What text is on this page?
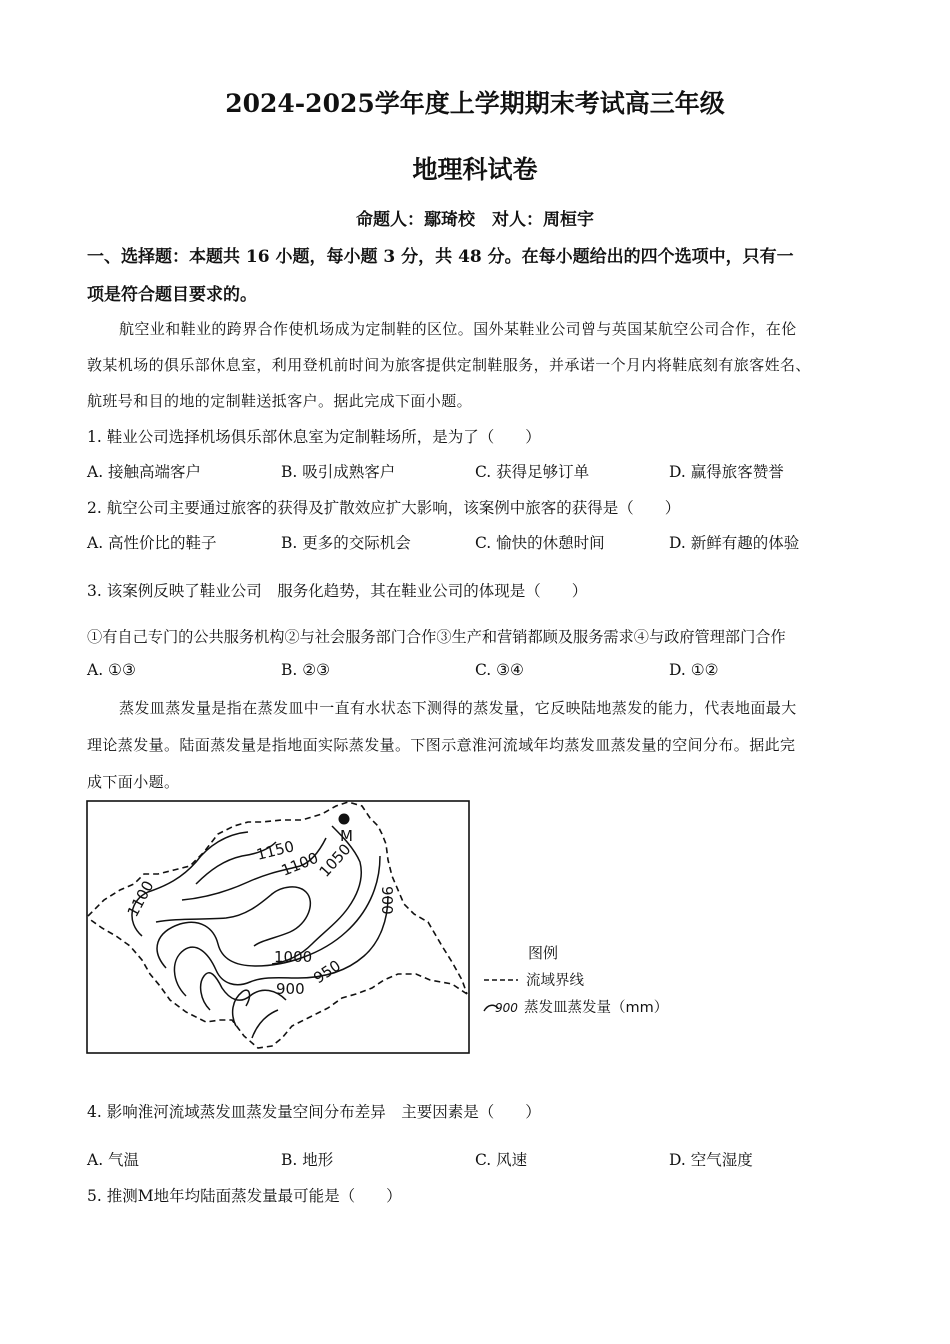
2024-2025学年度上学期期末考试高三年级
地理科试卷
命题人：鄢琦校　对人：周桓宇
一、选择题：本题共 16 小题，每小题 3 分，共 48 分。在每小题给出的四个选项中，只有一
项是符合题目要求的。
航空业和鞋业的跨界合作使机场成为定制鞋的区位。国外某鞋业公司曾与英国某航空公司合作，在伦
敦某机场的俱乐部休息室，利用登机前时间为旅客提供定制鞋服务，并承诺一个月内将鞋底刻有旅客姓名、
航班号和目的地的定制鞋送抵客户。据此完成下面小题。
1. 鞋业公司选择机场俱乐部休息室为定制鞋场所，是为了（　　）
A. 接触高端客户	B. 吸引成熟客户	C. 获得足够订单	D. 赢得旅客赞誉
2. 航空公司主要通过旅客的获得及扩散效应扩大影响，该案例中旅客的获得是（　　）
A. 高性价比的鞋子	B. 更多的交际机会	C. 愉快的休憩时间	D. 新鲜有趣的体验
3. 该案例反映了鞋业公司　服务化趋势，其在鞋业公司的体现是（　　）
①有自己专门的公共服务机构②与社会服务部门合作③生产和营销都顾及服务需求④与政府管理部门合作
A. ①③	B. ②③	C. ③④	D. ①②
蒸发皿蒸发量是指在蒸发皿中一直有水状态下测得的蒸发量，它反映陆地蒸发的能力，代表地面最大
理论蒸发量。陆面蒸发量是指地面实际蒸发量。下图示意淮河流域年均蒸发皿蒸发量的空间分布。据此完
成下面小题。
M
1150
1100
1050
1100	900
1000
950
900
图例
流域界线
900 蒸发皿蒸发量（mm）
4. 影响淮河流域蒸发皿蒸发量空间分布差异　主要因素是（　　）
A. 气温	B. 地形	C. 风速	D. 空气湿度
5. 推测M地年均陆面蒸发量最可能是（　　）
